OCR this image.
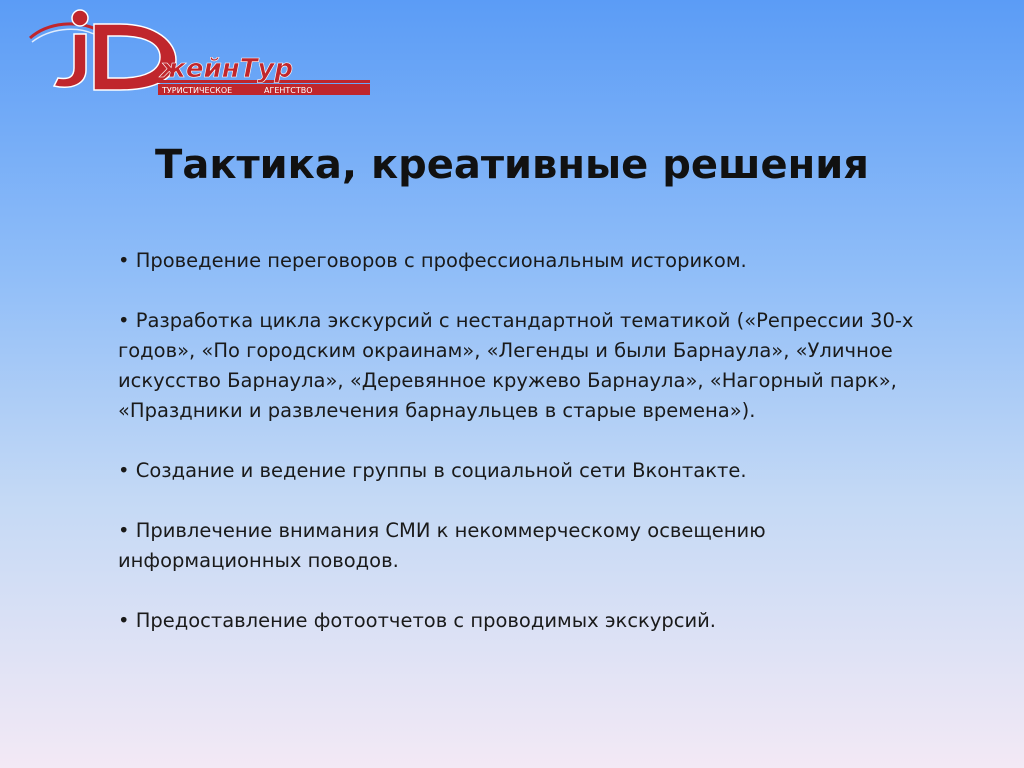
ТУРИСТИЧЕСКОЕ	АГЕНТСТВО
жейнТур
Тактика, креативные решения

• Проведение переговоров с профессиональным историком.

• Разработка цикла экскурсий с нестандартной тематикой («Репрессии 30-х годов», «По городским окраинам», «Легенды и были Барнаула», «Уличное искусство Барнаула», «Деревянное кружево Барнаула», «Нагорный парк», «Праздники и развлечения барнаульцев в старые времена»).

• Создание и ведение группы в социальной сети Вконтакте.

• Привлечение внимания СМИ к некоммерческому освещению информационных поводов.

• Предоставление фотоотчетов с проводимых экскурсий.
